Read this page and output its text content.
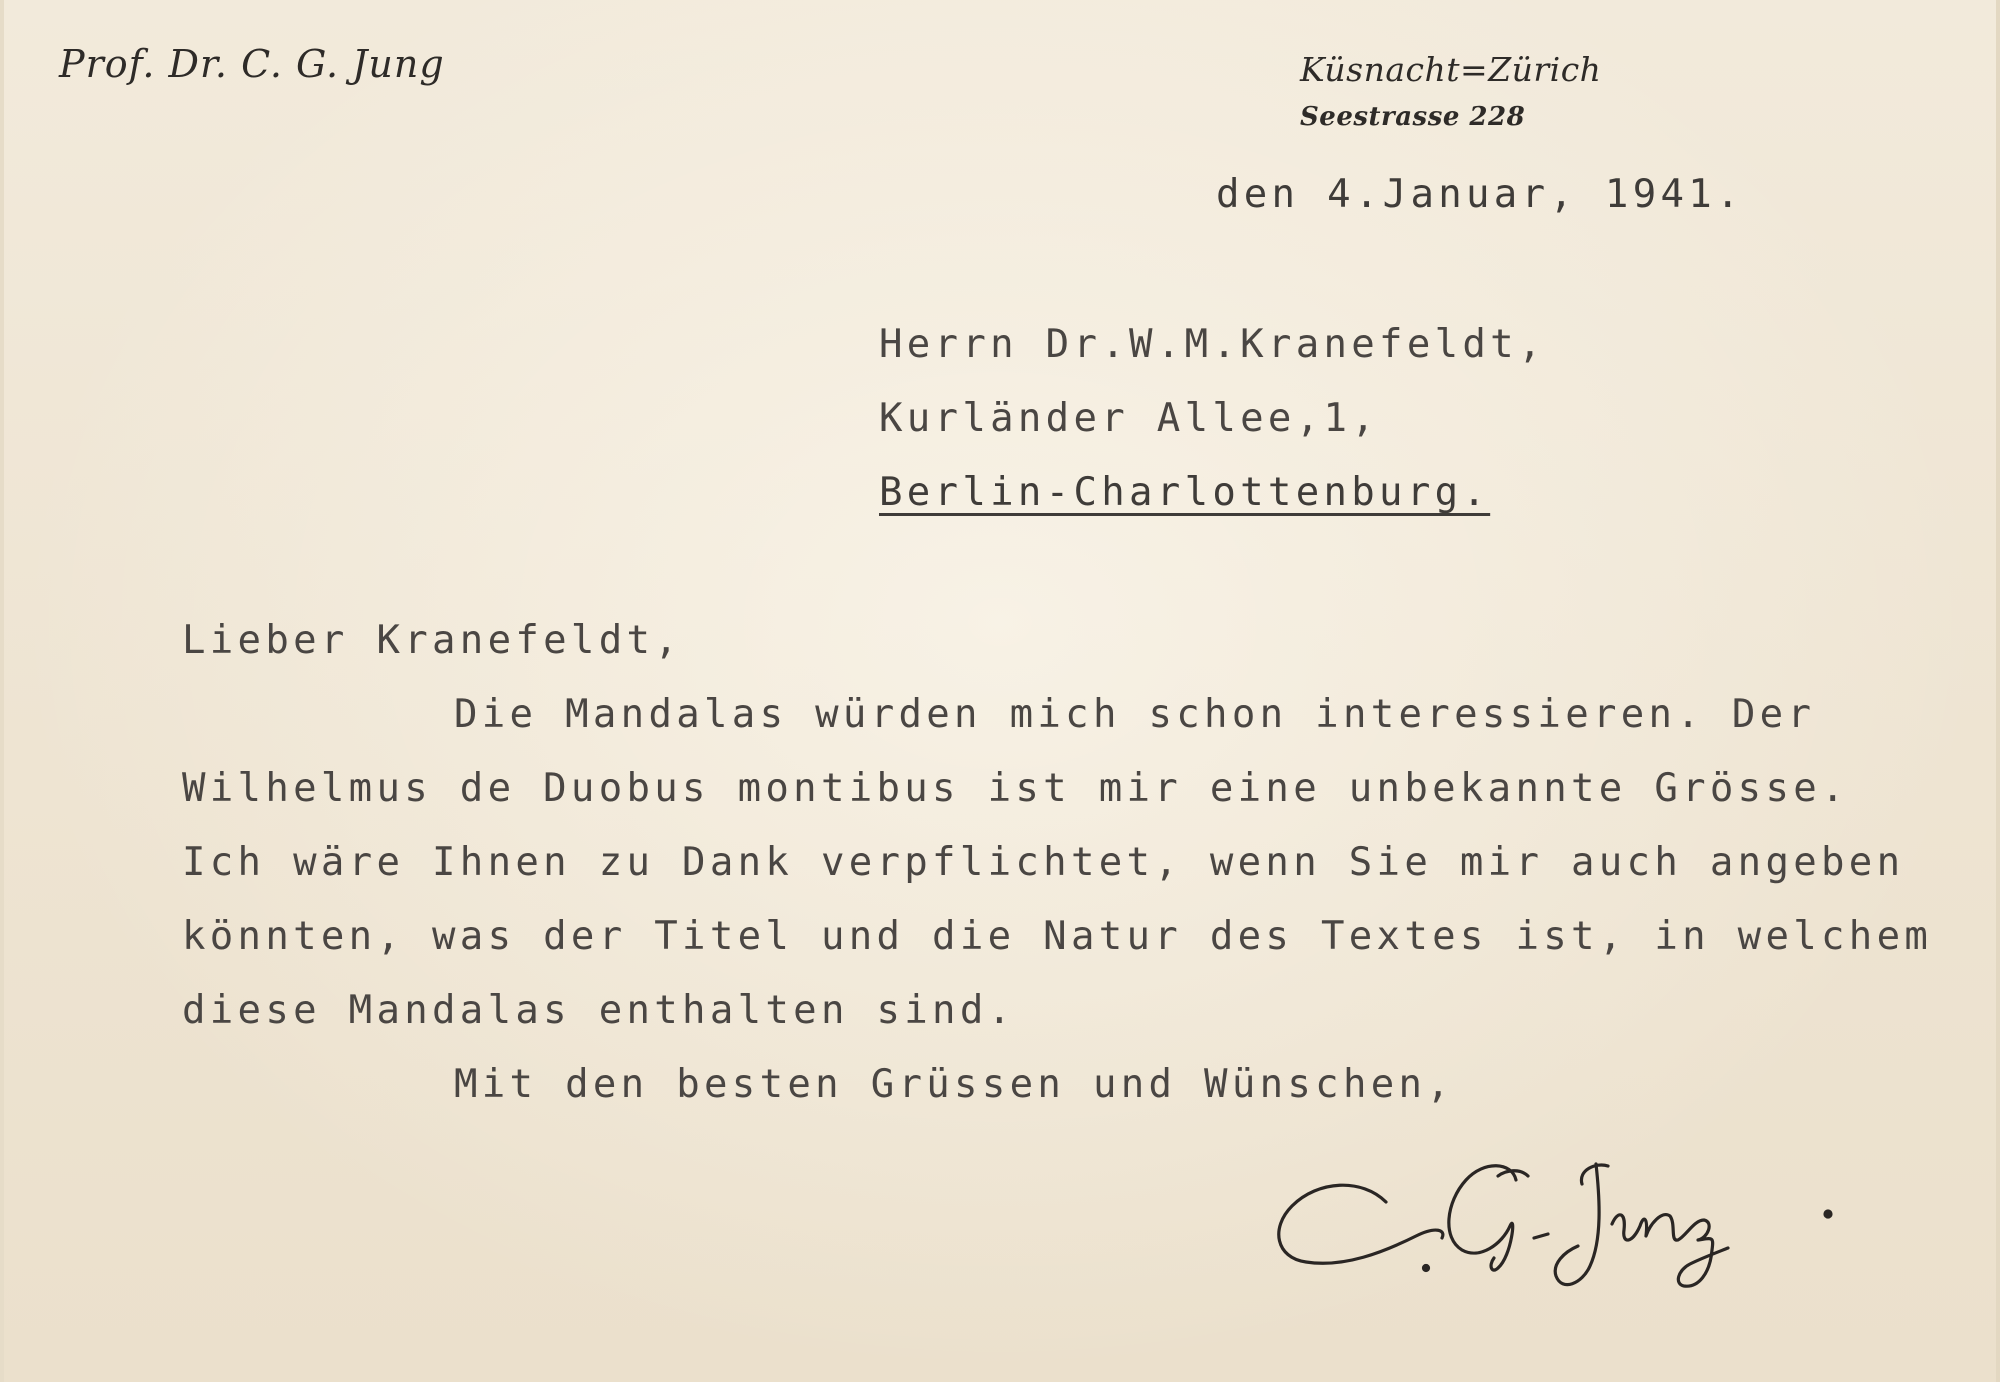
Prof. Dr. C. G. Jung	Küsnacht=Zürich
Seestrasse 228
den 4.Januar, 1941.
Herrn Dr.W.M.Kranefeldt,
Kurländer Allee,1,
Berlin-Charlottenburg.
Lieber Kranefeldt,
Die Mandalas würden mich schon interessieren. Der
Wilhelmus de Duobus montibus ist mir eine unbekannte Grösse.
Ich wäre Ihnen zu Dank verpflichtet, wenn Sie mir auch angeben
könnten, was der Titel und die Natur des Textes ist, in welchem
diese Mandalas enthalten sind.
Mit den besten Grüssen und Wünschen,
